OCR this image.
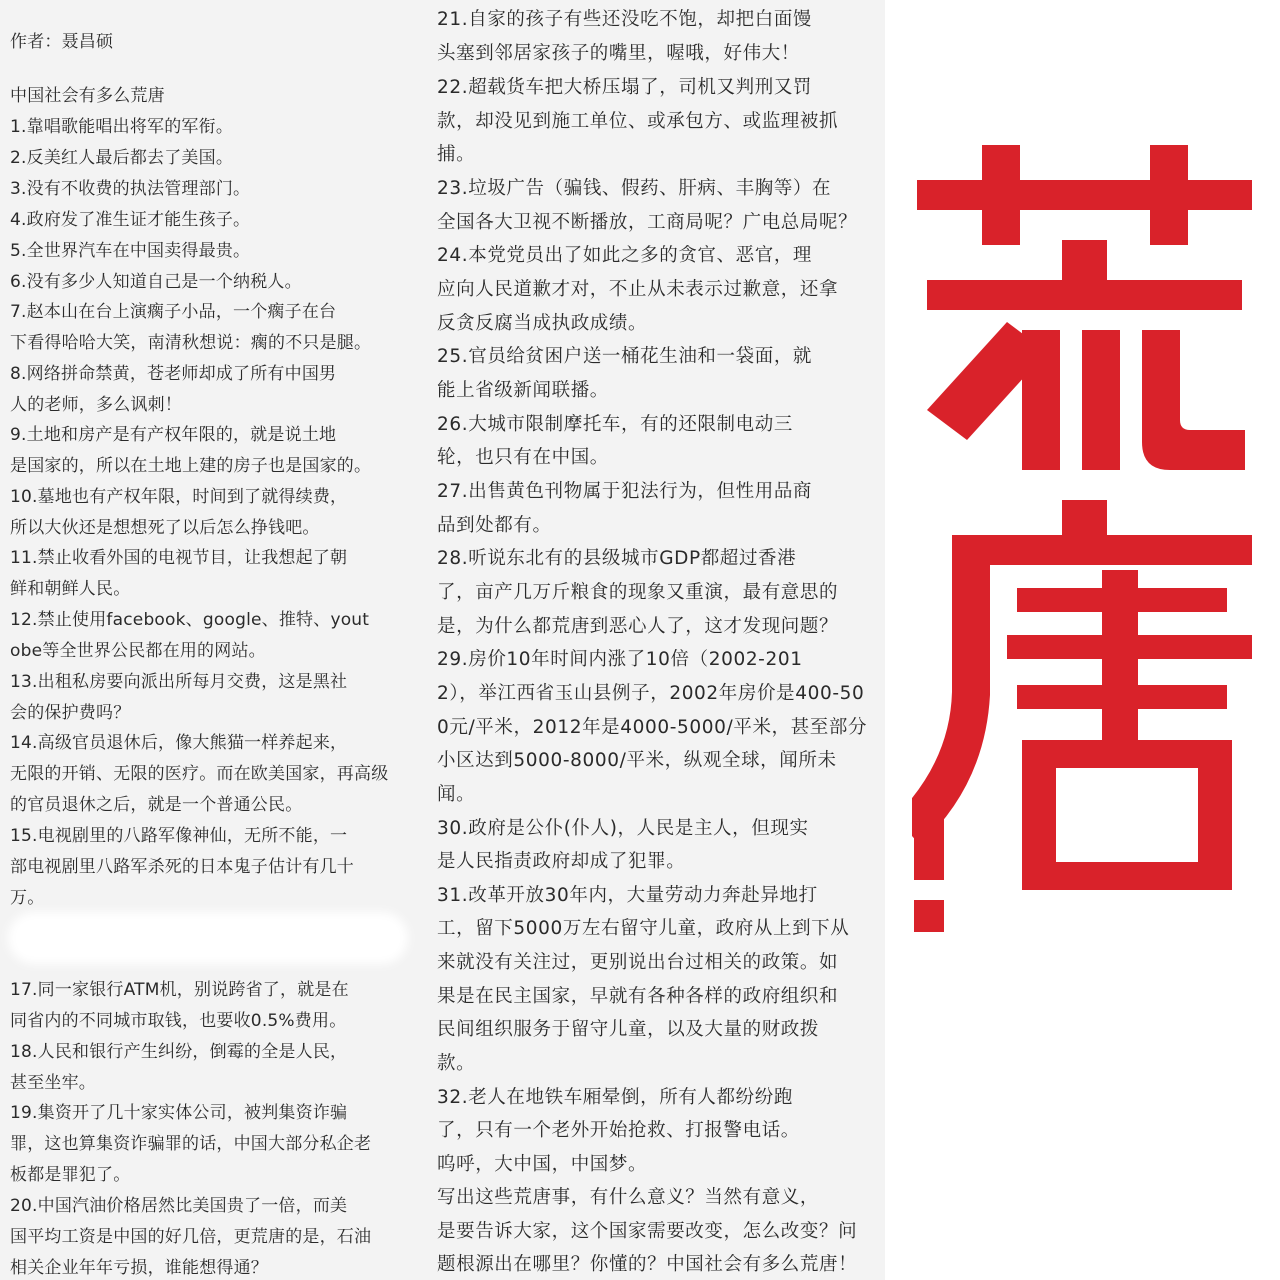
作者：聂昌硕
中国社会有多么荒唐
1.靠唱歌能唱出将军的军衔。
2.反美红人最后都去了美国。
3.没有不收费的执法管理部门。
4.政府发了准生证才能生孩子。
5.全世界汽车在中国卖得最贵。
6.没有多少人知道自己是一个纳税人。
7.赵本山在台上演瘸子小品，一个瘸子在台
下看得哈哈大笑，南清秋想说：瘸的不只是腿。
8.网络拼命禁黄，苍老师却成了所有中国男
人的老师，多么讽刺！
9.土地和房产是有产权年限的，就是说土地
是国家的，所以在土地上建的房子也是国家的。
10.墓地也有产权年限，时间到了就得续费，
所以大伙还是想想死了以后怎么挣钱吧。
11.禁止收看外国的电视节目，让我想起了朝
鲜和朝鲜人民。
12.禁止使用facebook、google、推特、yout
obe等全世界公民都在用的网站。
13.出租私房要向派出所每月交费，这是黑社
会的保护费吗？
14.高级官员退休后，像大熊猫一样养起来，
无限的开销、无限的医疗。而在欧美国家，再高级
的官员退休之后，就是一个普通公民。
15.电视剧里的八路军像神仙，无所不能，一
部电视剧里八路军杀死的日本鬼子估计有几十
万。
17.同一家银行ATM机，别说跨省了，就是在
同省内的不同城市取钱，也要收0.5%费用。
18.人民和银行产生纠纷，倒霉的全是人民，
甚至坐牢。
19.集资开了几十家实体公司，被判集资诈骗
罪，这也算集资诈骗罪的话，中国大部分私企老
板都是罪犯了。
20.中国汽油价格居然比美国贵了一倍，而美
国平均工资是中国的好几倍，更荒唐的是，石油
相关企业年年亏损，谁能想得通？
21.自家的孩子有些还没吃不饱，却把白面馒
头塞到邻居家孩子的嘴里，喔哦，好伟大！
22.超载货车把大桥压塌了，司机又判刑又罚
款，却没见到施工单位、或承包方、或监理被抓
捕。
23.垃圾广告（骗钱、假药、肝病、丰胸等）在
全国各大卫视不断播放，工商局呢？广电总局呢？
24.本党党员出了如此之多的贪官、恶官，理
应向人民道歉才对，不止从未表示过歉意，还拿
反贪反腐当成执政成绩。
25.官员给贫困户送一桶花生油和一袋面，就
能上省级新闻联播。
26.大城市限制摩托车，有的还限制电动三
轮，也只有在中国。
27.出售黄色刊物属于犯法行为，但性用品商
品到处都有。
28.听说东北有的县级城市GDP都超过香港
了，亩产几万斤粮食的现象又重演，最有意思的
是，为什么都荒唐到恶心人了，这才发现问题？
29.房价10年时间内涨了10倍（2002-201
2），举江西省玉山县例子，2002年房价是400-50
0元/平米，2012年是4000-5000/平米，甚至部分
小区达到5000-8000/平米，纵观全球，闻所未
闻。
30.政府是公仆(仆人)，人民是主人，但现实
是人民指责政府却成了犯罪。
31.改革开放30年内，大量劳动力奔赴异地打
工，留下5000万左右留守儿童，政府从上到下从
来就没有关注过，更别说出台过相关的政策。如
果是在民主国家，早就有各种各样的政府组织和
民间组织服务于留守儿童，以及大量的财政拨
款。
32.老人在地铁车厢晕倒，所有人都纷纷跑
了，只有一个老外开始抢救、打报警电话。
呜呼，大中国，中国梦。
写出这些荒唐事，有什么意义？当然有意义，
是要告诉大家，这个国家需要改变，怎么改变？问
题根源出在哪里？你懂的？中国社会有多么荒唐！
